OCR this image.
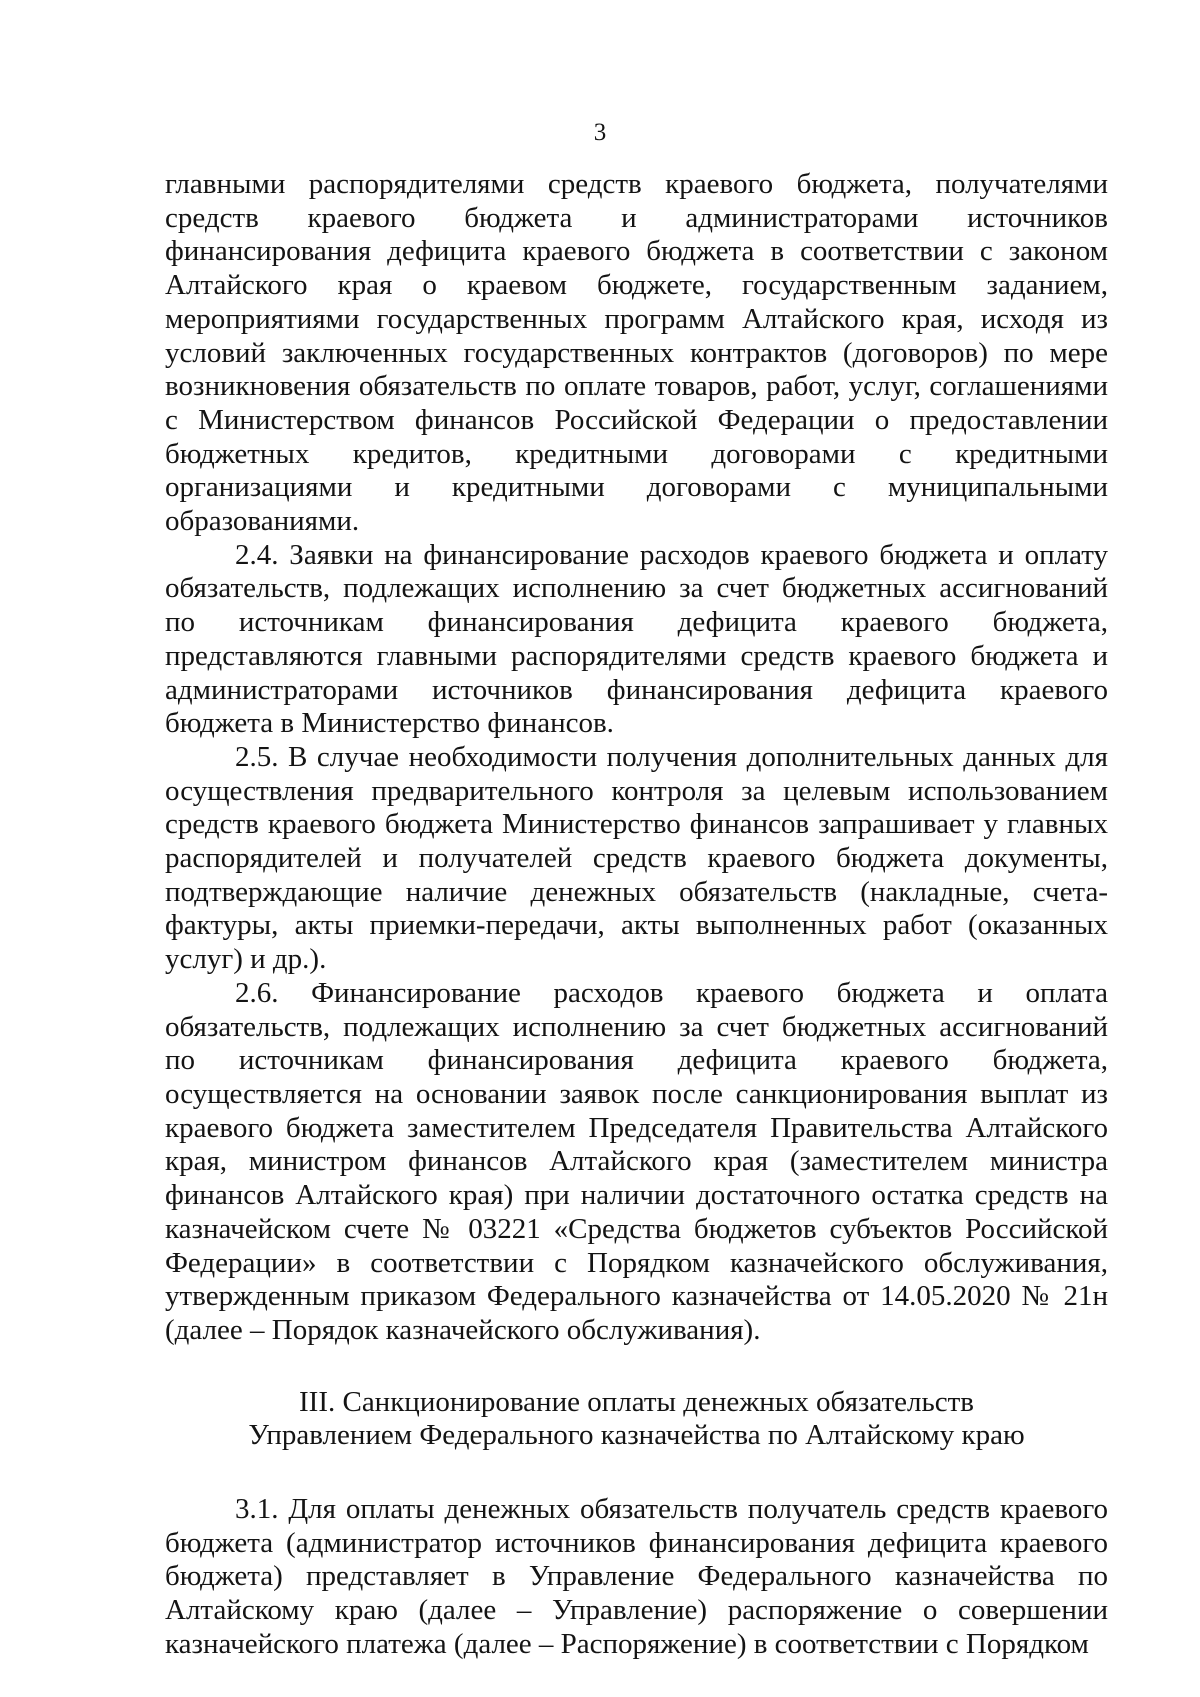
3

главными распорядителями средств краевого бюджета, получателями средств краевого бюджета и администраторами источников финансирования дефицита краевого бюджета в соответствии с законом Алтайского края о краевом бюджете, государственным заданием, мероприятиями государственных программ Алтайского края, исходя из условий заключенных государственных контрактов (договоров) по мере возникновения обязательств по оплате товаров, работ, услуг, соглашениями с Министерством финансов Российской Федерации о предоставлении бюджетных кредитов, кредитными договорами с кредитными организациями и кредитными договорами с муниципальными образованиями.

2.4. Заявки на финансирование расходов краевого бюджета и оплату обязательств, подлежащих исполнению за счет бюджетных ассигнований по источникам финансирования дефицита краевого бюджета, представляются главными распорядителями средств краевого бюджета и администраторами источников финансирования дефицита краевого бюджета в Министерство финансов.

2.5. В случае необходимости получения дополнительных данных для осуществления предварительного контроля за целевым использованием средств краевого бюджета Министерство финансов запрашивает у главных распорядителей и получателей средств краевого бюджета документы, подтверждающие наличие денежных обязательств (накладные, счета-фактуры, акты приемки-передачи, акты выполненных работ (оказанных услуг) и др.).

2.6. Финансирование расходов краевого бюджета и оплата обязательств, подлежащих исполнению за счет бюджетных ассигнований по источникам финансирования дефицита краевого бюджета, осуществляется на основании заявок после санкционирования выплат из краевого бюджета заместителем Председателя Правительства Алтайского края, министром финансов Алтайского края (заместителем министра финансов Алтайского края) при наличии достаточного остатка средств на казначейском счете № 03221 «Средства бюджетов субъектов Российской Федерации» в соответствии с Порядком казначейского обслуживания, утвержденным приказом Федерального казначейства от 14.05.2020 № 21н (далее – Порядок казначейского обслуживания).

III. Санкционирование оплаты денежных обязательств
Управлением Федерального казначейства по Алтайскому краю

3.1. Для оплаты денежных обязательств получатель средств краевого бюджета (администратор источников финансирования дефицита краевого бюджета) представляет в Управление Федерального казначейства по Алтайскому краю (далее – Управление) распоряжение о совершении казначейского платежа (далее – Распоряжение) в соответствии с Порядком
